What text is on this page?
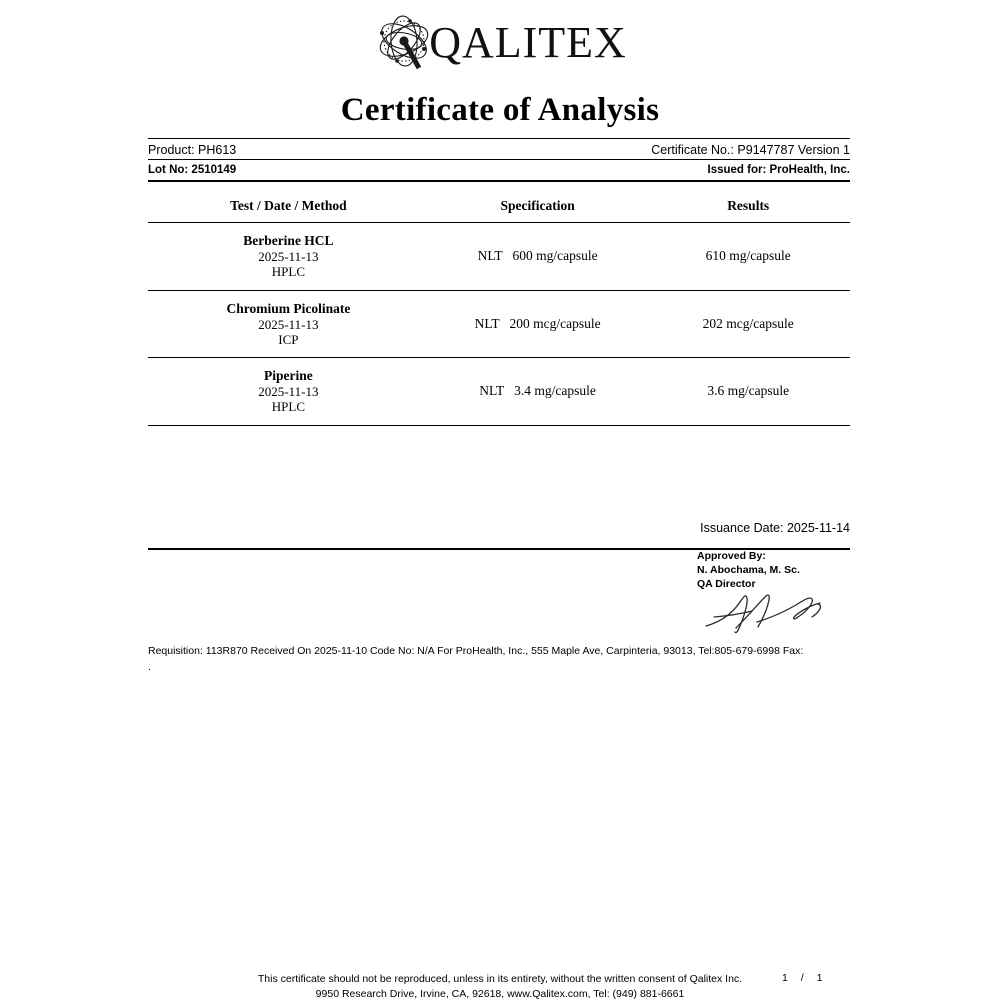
QALITEX
Certificate of Analysis
Product: PH613	Certificate No.: P9147787 Version 1
Lot No: 2510149	Issued for: ProHealth, Inc.
Test / Date / Method	Specification	Results

Berberine HCL
2025-11-13
HPLC	NLT   600 mg/capsule	610 mg/capsule

Chromium Picolinate
2025-11-13
ICP	NLT   200 mcg/capsule	202 mcg/capsule

Piperine
2025-11-13
HPLC	NLT   3.4 mg/capsule	3.6 mg/capsule
Issuance Date: 2025-11-14
Approved By:
N. Abochama, M. Sc.
QA Director
Requisition: 113R870 Received On 2025-11-10 Code No: N/A For ProHealth, Inc., 555 Maple Ave, Carpinteria, 93013, Tel:805-679-6998 Fax:
.
This certificate should not be reproduced, unless in its entirety, without the written consent of Qalitex Inc.
9950 Research Drive, Irvine, CA, 92618, www.Qalitex.com, Tel: (949) 881-6661
1 / 1
